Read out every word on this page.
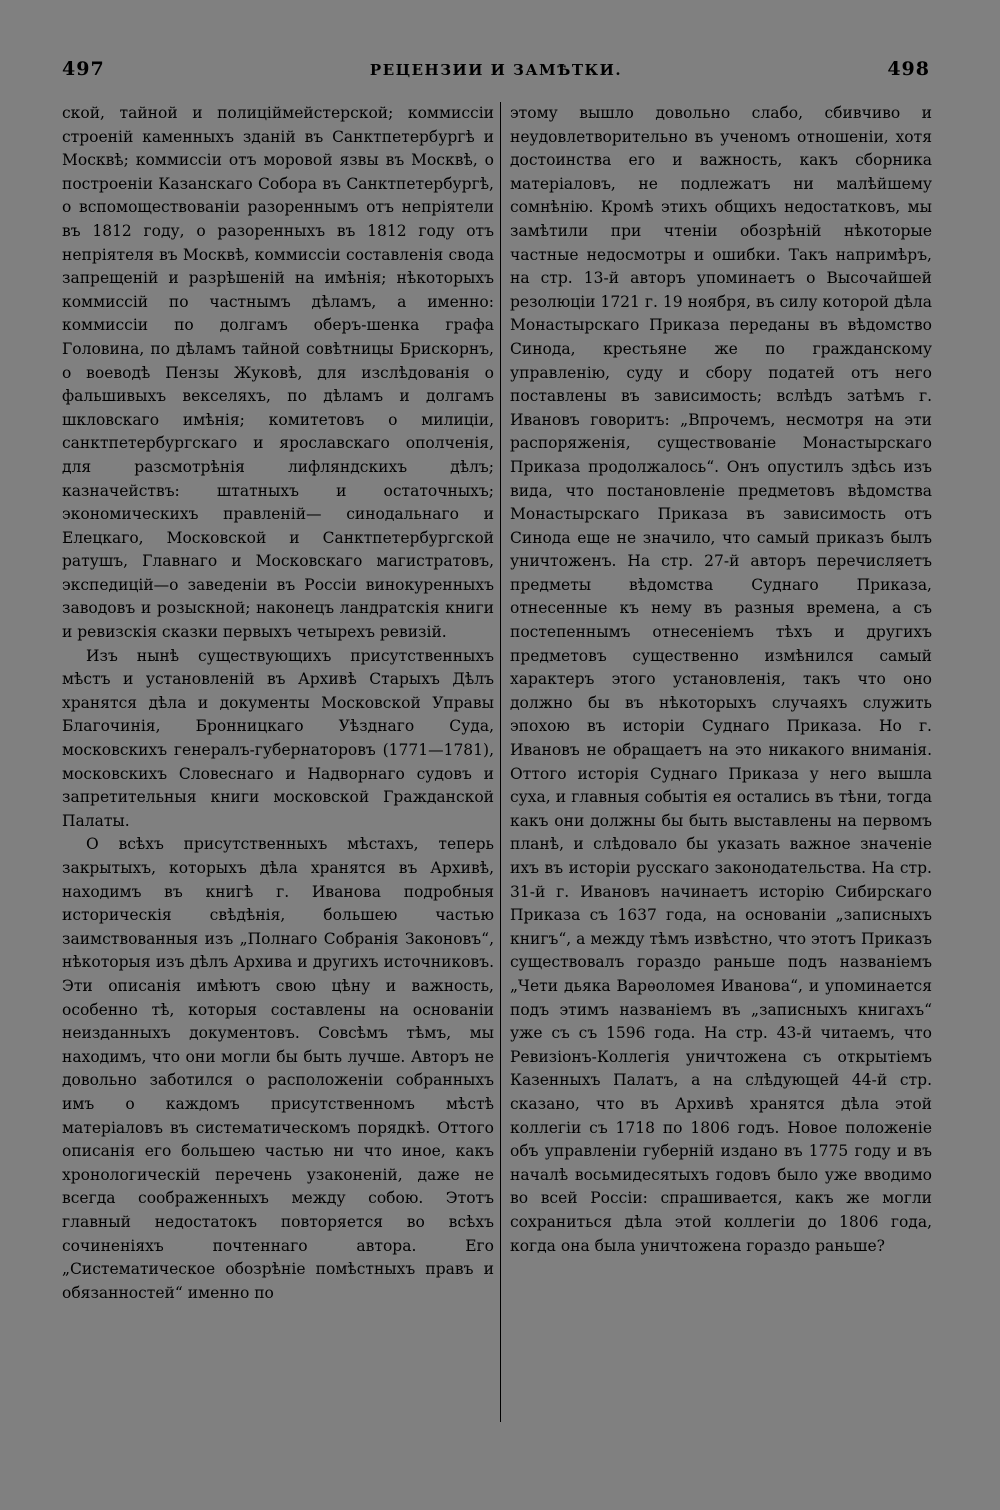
497	РЕЦЕНЗИИ И ЗАМѢТКИ.	498

ской, тайной и полицiймейстерской; коммиссiи строенiй каменныхъ зданiй въ Санктпетербургѣ и Москвѣ; коммиссiи отъ моровой язвы въ Москвѣ, о построенiи Казанскаго Собора въ Санктпетербургѣ, о вспомоществованiи разореннымъ отъ непрiятели въ 1812 году, о разоренныхъ въ 1812 году отъ непрiятеля въ Москвѣ, коммиссiи составленiя свода запрещенiй и разрѣшенiй на имѣнiя; нѣкоторыхъ коммиссiй по частнымъ дѣламъ, а именно: коммиссiи по долгамъ оберъ-шенка графа Головина, по дѣламъ тайной совѣтницы Брискорнъ, о воеводѣ Пензы Жуковѣ, для изслѣдованiя о фальшивыхъ векселяхъ, по дѣламъ и долгамъ шкловскаго имѣнiя; комитетовъ о милицiи, санктпетербургскаго и ярославскаго ополченiя, для разсмотрѣнiя лифляндскихъ дѣлъ; казначействъ: штатныхъ и остаточныхъ; экономическихъ правленiй— синодальнаго и Елецкаго, Московской и Санктпетербургской ратушъ, Главнаго и Московскаго магистратовъ, экспедицiй—о заведенiи въ Россiи винокуренныхъ заводовъ и розыскной; наконецъ ландратскiя книги и ревизскiя сказки первыхъ четырехъ ревизiй.

Изъ нынѣ существующихъ присутственныхъ мѣстъ и установленiй въ Архивѣ Старыхъ Дѣлъ хранятся дѣла и документы Московской Управы Благочинiя, Бронницкаго Уѣзднаго Суда, московскихъ генералъ-губернаторовъ (1771—1781), московскихъ Словеснаго и Надворнаго судовъ и запретительныя книги московской Гражданской Палаты.

О всѣхъ присутственныхъ мѣстахъ, теперь закрытыхъ, которыхъ дѣла хранятся въ Архивѣ, находимъ въ книгѣ г. Иванова подробныя историческiя свѣдѣнiя, большею частью заимствованныя изъ „Полнаго Собранiя Законовъ“, нѣкоторыя изъ дѣлъ Архива и другихъ источниковъ. Эти описанiя имѣютъ свою цѣну и важность, особенно тѣ, которыя составлены на основанiи неизданныхъ документовъ. Совсѣмъ тѣмъ, мы находимъ, что они могли бы быть лучше. Авторъ не довольно заботился о расположенiи собранныхъ имъ о каждомъ присутственномъ мѣстѣ матерiаловъ въ систематическомъ порядкѣ. Оттого описанiя его большею частью ни что иное, какъ хронологическiй перечень узаконенiй, даже не всегда соображенныхъ между собою. Этотъ главный недостатокъ повторяется во всѣхъ сочиненiяхъ почтеннаго автора. Его „Систематическое обозрѣнiе помѣстныхъ правъ и обязанностей“ именно по

этому вышло довольно слабо, сбивчиво и неудовлетворительно въ ученомъ отношенiи, хотя достоинства его и важность, какъ сборника матерiаловъ, не подлежатъ ни малѣйшему сомнѣнiю. Кромѣ этихъ общихъ недостатковъ, мы замѣтили при чтенiи обозрѣнiй нѣкоторые частные недосмотры и ошибки. Такъ напримѣръ, на стр. 13-й авторъ упоминаетъ о Высочайшей резолюцiи 1721 г. 19 ноября, въ силу которой дѣла Монастырскаго Приказа переданы въ вѣдомство Синода, крестьяне же по гражданскому управленiю, суду и сбору податей отъ него поставлены въ зависимость; вслѣдъ затѣмъ г. Ивановъ говоритъ: „Впрочемъ, несмотря на эти распоряженiя, существованiе Монастырскаго Приказа продолжалось“. Онъ опустилъ здѣсь изъ вида, что постановленiе предметовъ вѣдомства Монастырскаго Приказа въ зависимость отъ Синода еще не значило, что самый приказъ былъ уничтоженъ. На стр. 27-й авторъ перечисляетъ предметы вѣдомства Суднаго Приказа, отнесенные къ нему въ разныя времена, а съ постепеннымъ отнесенiемъ тѣхъ и другихъ предметовъ существенно измѣнился самый характеръ этого установленiя, такъ что оно должно бы въ нѣкоторыхъ случаяхъ служить эпохою въ исторiи Суднаго Приказа. Но г. Ивановъ не обращаетъ на это никакого вниманiя. Оттого исторiя Суднаго Приказа у него вышла суха, и главныя событiя ея остались въ тѣни, тогда какъ они должны бы быть выставлены на первомъ планѣ, и слѣдовало бы указать важное значенiе ихъ въ исторiи русскаго законодательства. На стр. 31-й г. Ивановъ начинаетъ исторiю Сибирскаго Приказа съ 1637 года, на основанiи „записныхъ книгъ“, а между тѣмъ извѣстно, что этотъ Приказъ существовалъ гораздо раньше подъ названiемъ „Чети дьяка Варѳоломея Иванова“, и упоминается подъ этимъ названiемъ въ „записныхъ книгахъ“ уже съ съ 1596 года. На стр. 43-й читаемъ, что Ревизiонъ-Коллегiя уничтожена съ открытiемъ Казенныхъ Палатъ, а на слѣдующей 44-й стр. сказано, что въ Архивѣ хранятся дѣла этой коллегiи съ 1718 по 1806 годъ. Новое положенiе объ управленiи губернiй издано въ 1775 году и въ началѣ восьмидесятыхъ годовъ было уже вводимо во всей Россiи: спрашивается, какъ же могли сохраниться дѣла этой коллегiи до 1806 года, когда она была уничтожена гораздо раньше?
